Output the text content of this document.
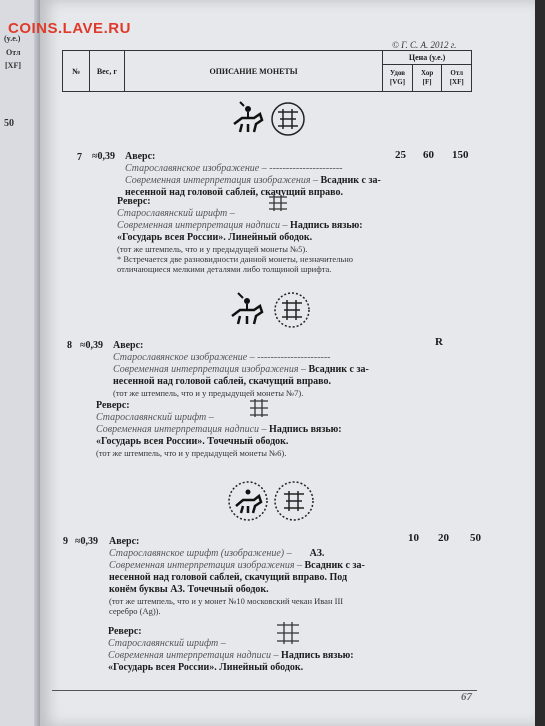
(y.e.)
Отл
[XF]
50
COINS.LAVE.RU
© Г. С. А. 2012 г.
№	Вес, г	ОПИСАНИЕ МОНЕТЫ
Цена (у.е.)
Удов
[VG]
Хор
[F]
Отл
[XF]
7 ≈0,39 Аверс:
Старославянское изображение – ----------------------
Современная интерпретация изображения – Всадник с за-
несенной над головой саблей, скачущий вправо.
25 60 150
Реверс:
Старославянский шрифт –
Современная интерпретация надписи – Надпись вязью:
«Государь всея России». Линейный ободок.
(тот же штемпель, что и у предыдущей монеты №5).
* Встречается две разновидности данной монеты, незначительно
отличающиеся мелкими деталями либо толщиной шрифта.
8 ≈0,39 Аверс:
Старославянское изображение – ----------------------
Современная интерпретация изображения – Всадник с за-
несенной над головой саблей, скачущий вправо.
(тот же штемпель, что и у предыдущей монеты №7).
R
Реверс:
Старославянский шрифт –
Современная интерпретация надписи – Надпись вязью:
«Государь всея России». Точечный ободок.
(тот же штемпель, что и у предыдущей монеты №6).
9 ≈0,39 Аверс:
Старославянское шрифт (изображение) – АЗ.
Современная интерпретация изображения – Всадник с за-
несенной над головой саблей, скачущий вправо. Под
конём буквы АЗ. Точечный ободок.
(тот же штемпель, что и у монет №10 московский чекан Иван III
серебро (Ag)).
10 20 50
Реверс:
Старославянский шрифт –
Современная интерпретация надписи – Надпись вязью:
«Государь всея России». Линейный ободок.
67
